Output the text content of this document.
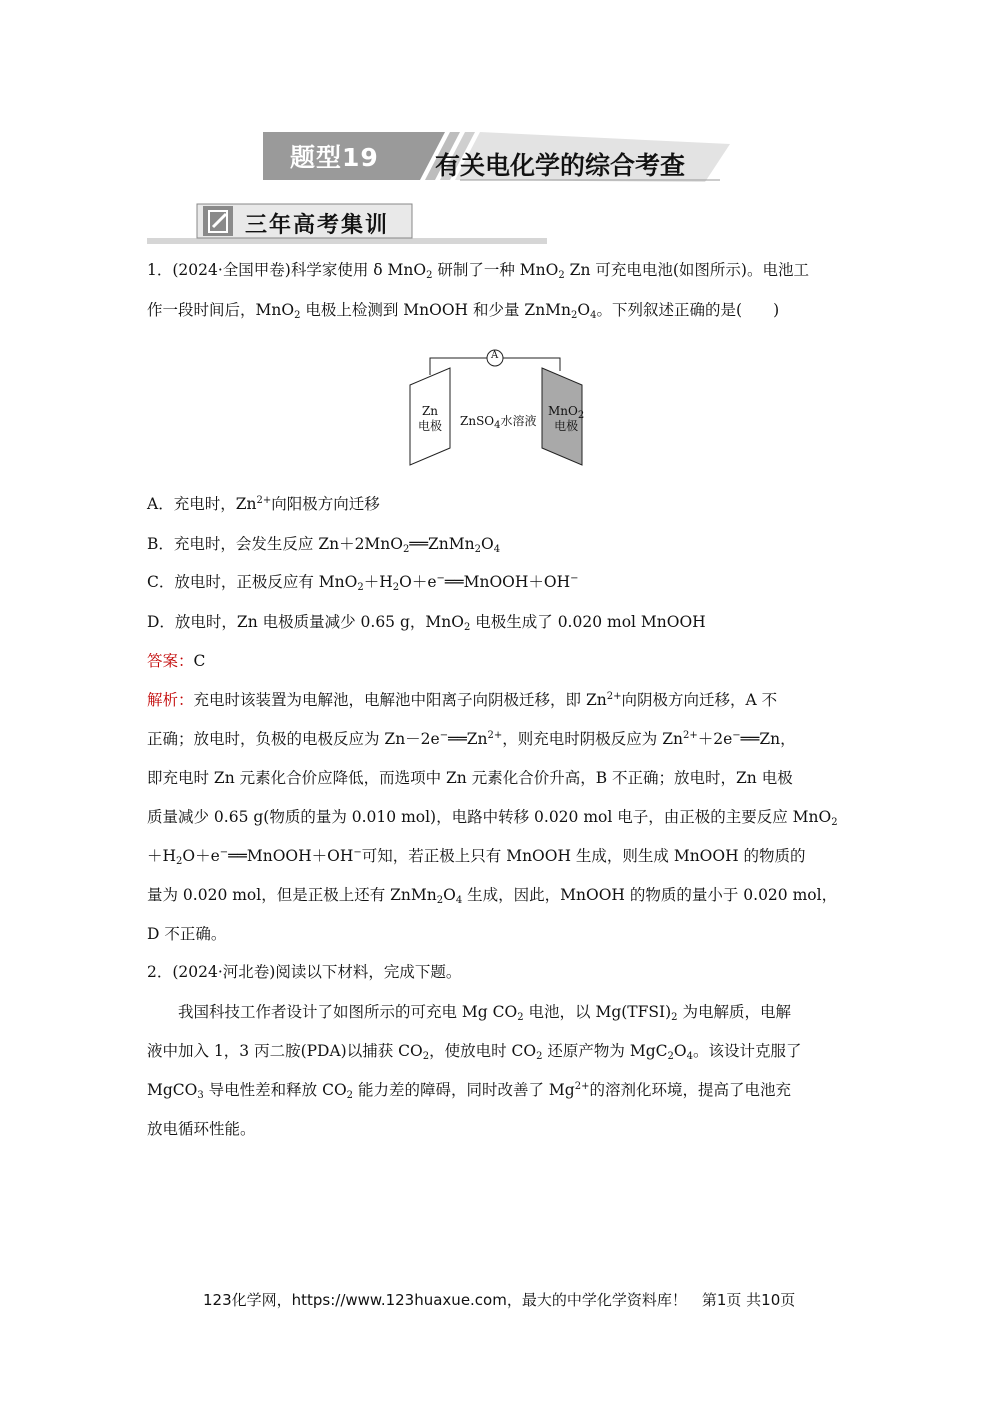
题型19 有关电化学的综合考查
三年高考集训
1．(2024·全国甲卷)科学家使用 δ MnO$_2$ 研制了一种 MnO$_2$ Zn 可充电电池(如图所示)。电池工
作一段时间后，MnO$_2$ 电极上检测到 MnOOH 和少量 $ZnMn_2O_4$。下列叙述正确的是(　　)
A
Zn
电极 ZnSO$_4$水溶液
MnO$_2$
电极
A．充电时，$Zn^{2+}$向阳极方向迁移
B．充电时，会发生反应 $Zn+2MnO_2══ZnMn_2O_4$
C．放电时，正极反应有 $MnO_2+H_2O+e^-══MnOOH+OH^-$
D．放电时，Zn 电极质量减少 0.65 g，MnO$_2$ 电极生成了 0.020 mol MnOOH
答案：C
解析：充电时该装置为电解池，电解池中阳离子向阴极迁移，即 $Zn^{2+}$向阴极方向迁移，A 不
正确；放电时，负极的电极反应为 $Zn-2e^-══Zn^{2+}$，则充电时阴极反应为 $Zn^{2+}+2e^-══Zn$，
即充电时 Zn 元素化合价应降低，而选项中 Zn 元素化合价升高，B 不正确；放电时，Zn 电极
质量减少 0.65 g(物质的量为 0.010 mol)，电路中转移 0.020 mol 电子，由正极的主要反应 MnO$_2$
$+H_2O+e^-══MnOOH+OH^-$可知，若正极上只有 MnOOH 生成，则生成 MnOOH 的物质的
量为 0.020 mol，但是正极上还有 $ZnMn_2O_4$ 生成，因此，MnOOH 的物质的量小于 0.020 mol，
D 不正确。
2．(2024·河北卷)阅读以下材料，完成下题。
我国科技工作者设计了如图所示的可充电 Mg $CO_2$ 电池，以 $Mg(TFSI)_2$ 为电解质，电解
液中加入 1，3 丙二胺(PDA)以捕获 $CO_2$，使放电时 $CO_2$ 还原产物为 $MgC_2O_4$。该设计克服了
MgCO$_3$ 导电性差和释放 $CO_2$ 能力差的障碍，同时改善了 $Mg^{2+}$的溶剂化环境，提高了电池充
放电循环性能。
123化学网，https://www.123huaxue.com，最大的中学化学资料库！　第1页 共10页
